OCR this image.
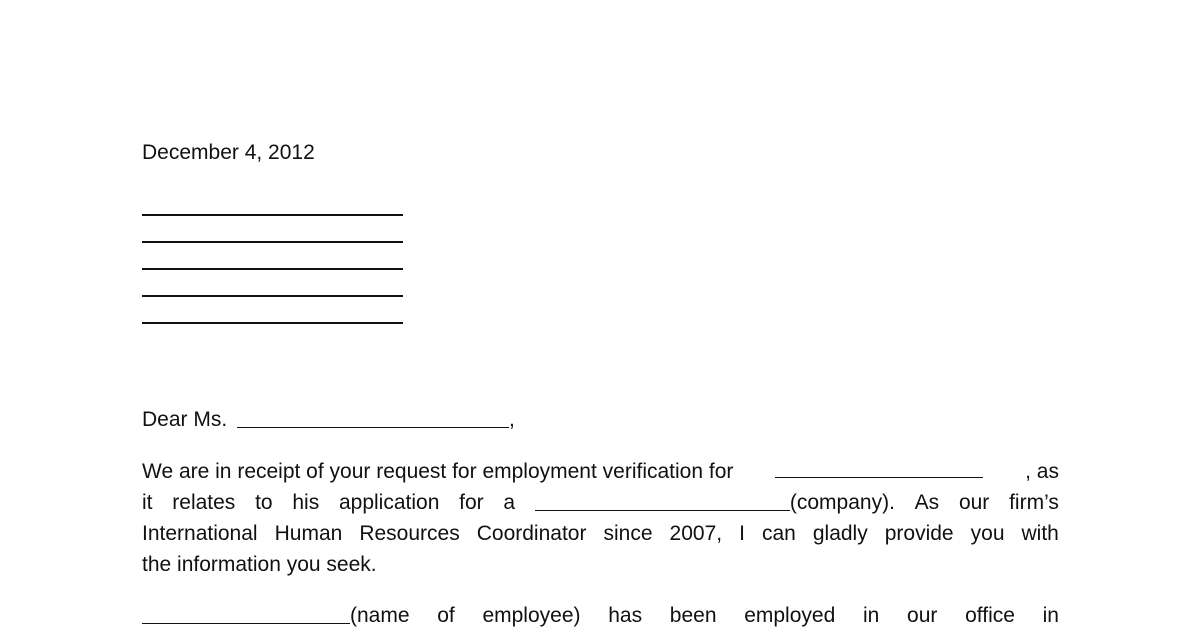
December 4, 2012
Dear Ms.	,
We are in receipt of your request for employment verification for	, as
it relates to his application for a	(company). As our firm’s
International Human Resources Coordinator since 2007, I can gladly provide you with
the information you seek.
(name of employee) has been employed in our office in
